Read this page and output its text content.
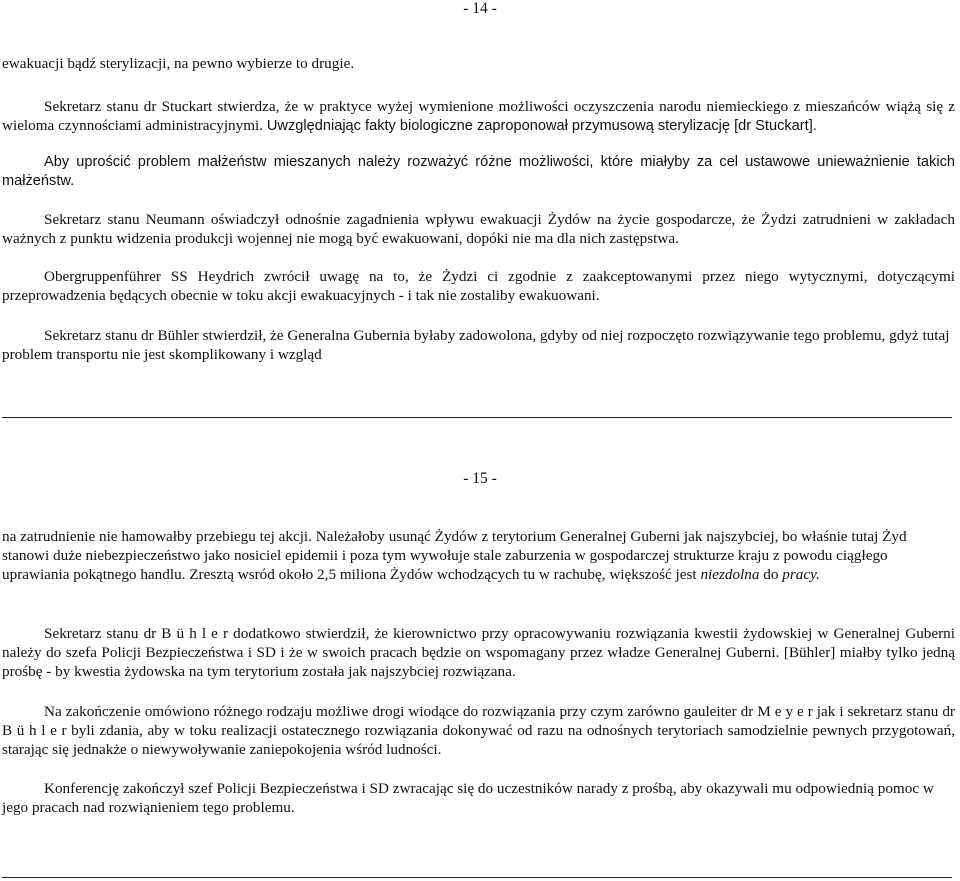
- 14 -

ewakuacji bądź sterylizacji, na pewno wybierze to drugie.

Sekretarz stanu dr Stuckart stwierdza, że w praktyce wyżej wymienione możliwości oczyszczenia narodu niemieckiego z mieszańców wiążą się z wieloma czynnościami administracyjnymi. Uwzględniając fakty biologiczne zaproponował przymusową sterylizację [dr Stuckart].

Aby uprościć problem małżeństw mieszanych należy rozważyć różne możliwości, które miałyby za cel ustawowe unieważnienie takich małżeństw.

Sekretarz stanu Neumann oświadczył odnośnie zagadnienia wpływu ewakuacji Żydów na życie gospodarcze, że Żydzi zatrudnieni w zakładach ważnych z punktu widzenia produkcji wojennej nie mogą być ewakuowani, dopóki nie ma dla nich zastępstwa.

Obergruppenführer SS Heydrich zwrócił uwagę na to, że Żydzi ci zgodnie z zaakceptowanymi przez niego wytycznymi, dotyczącymi przeprowadzenia będących obecnie w toku akcji ewakuacyjnych - i tak nie zostaliby ewakuowani.

Sekretarz stanu dr Bühler stwierdził, że Generalna Gubernia byłaby zadowolona, gdyby od niej rozpoczęto rozwiązywanie tego problemu, gdyż tutaj problem transportu nie jest skomplikowany i wzgląd

- 15 -

na zatrudnienie nie hamowałby przebiegu tej akcji. Należałoby usunąć Żydów z terytorium Generalnej Guberni jak najszybciej, bo właśnie tutaj Żyd stanowi duże niebezpieczeństwo jako nosiciel epidemii i poza tym wywołuje stale zaburzenia w gospodarczej strukturze kraju z powodu ciągłego uprawiania pokątnego handlu. Zresztą wsród około 2,5 miliona Żydów wchodzących tu w rachubę, większość jest niezdolna do pracy.

Sekretarz stanu dr B ü h l e r dodatkowo stwierdził, że kierownictwo przy opracowywaniu rozwiązania kwestii żydowskiej w Generalnej Guberni należy do szefa Policji Bezpieczeństwa i SD i że w swoich pracach będzie on wspomagany przez władze Generalnej Guberni. [Bühler] miałby tylko jedną prośbę - by kwestia żydowska na tym terytorium została jak najszybciej rozwiązana.

Na zakończenie omówiono różnego rodzaju możliwe drogi wiodące do rozwiązania przy czym zarówno gauleiter dr M e y e r jak i sekretarz stanu dr B ü h l e r byli zdania, aby w toku realizacji ostatecznego rozwiązania dokonywać od razu na odnośnych terytoriach samodzielnie pewnych przygotowań, starając się jednakże o niewywoływanie zaniepokojenia wśród ludności.

Konferencję zakończył szef Policji Bezpieczeństwa i SD zwracając się do uczestników narady z prośbą, aby okazywali mu odpowiednią pomoc w jego pracach nad rozwiąnieniem tego problemu.
